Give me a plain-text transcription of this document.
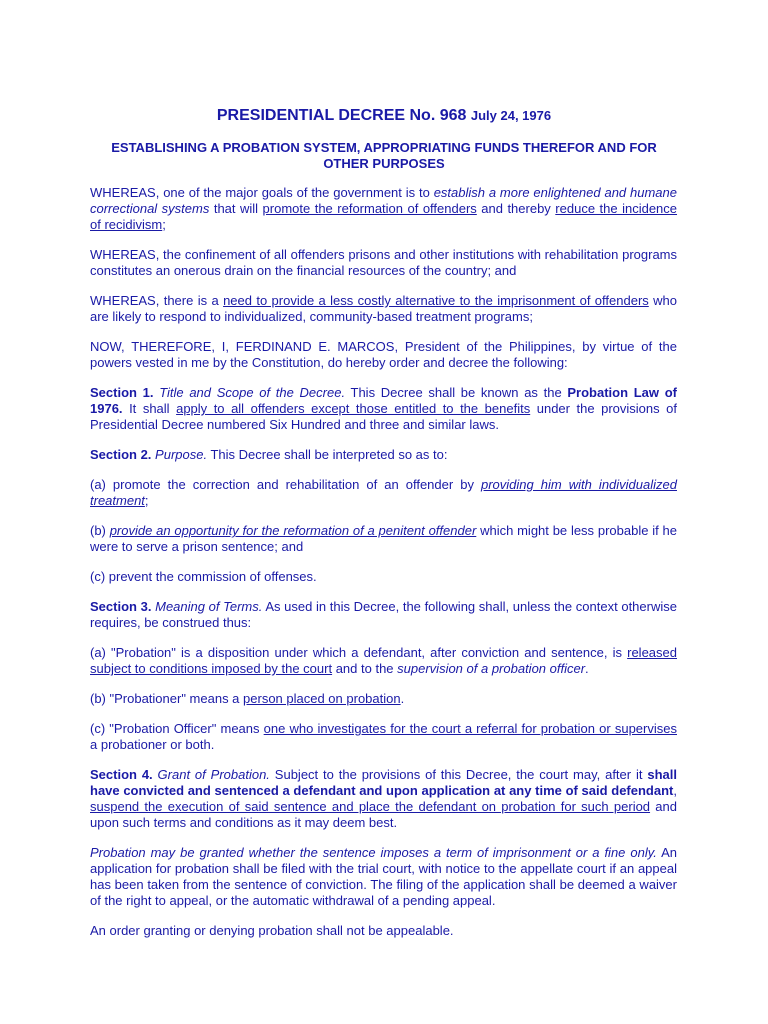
PRESIDENTIAL DECREE No. 968 July 24, 1976
ESTABLISHING A PROBATION SYSTEM, APPROPRIATING FUNDS THEREFOR AND FOR OTHER PURPOSES

WHEREAS, one of the major goals of the government is to establish a more enlightened and humane correctional systems that will promote the reformation of offenders and thereby reduce the incidence of recidivism;

WHEREAS, the confinement of all offenders prisons and other institutions with rehabilitation programs constitutes an onerous drain on the financial resources of the country; and

WHEREAS, there is a need to provide a less costly alternative to the imprisonment of offenders who are likely to respond to individualized, community-based treatment programs;

NOW, THEREFORE, I, FERDINAND E. MARCOS, President of the Philippines, by virtue of the powers vested in me by the Constitution, do hereby order and decree the following:

Section 1. Title and Scope of the Decree. This Decree shall be known as the Probation Law of 1976. It shall apply to all offenders except those entitled to the benefits under the provisions of Presidential Decree numbered Six Hundred and three and similar laws.

Section 2. Purpose. This Decree shall be interpreted so as to:

(a) promote the correction and rehabilitation of an offender by providing him with individualized treatment;

(b) provide an opportunity for the reformation of a penitent offender which might be less probable if he were to serve a prison sentence; and

(c) prevent the commission of offenses.

Section 3. Meaning of Terms. As used in this Decree, the following shall, unless the context otherwise requires, be construed thus:

(a) "Probation" is a disposition under which a defendant, after conviction and sentence, is released subject to conditions imposed by the court and to the supervision of a probation officer.

(b) "Probationer" means a person placed on probation.

(c) "Probation Officer" means one who investigates for the court a referral for probation or supervises a probationer or both.

Section 4. Grant of Probation. Subject to the provisions of this Decree, the court may, after it shall have convicted and sentenced a defendant and upon application at any time of said defendant, suspend the execution of said sentence and place the defendant on probation for such period and upon such terms and conditions as it may deem best.

Probation may be granted whether the sentence imposes a term of imprisonment or a fine only. An application for probation shall be filed with the trial court, with notice to the appellate court if an appeal has been taken from the sentence of conviction. The filing of the application shall be deemed a waiver of the right to appeal, or the automatic withdrawal of a pending appeal.

An order granting or denying probation shall not be appealable.
